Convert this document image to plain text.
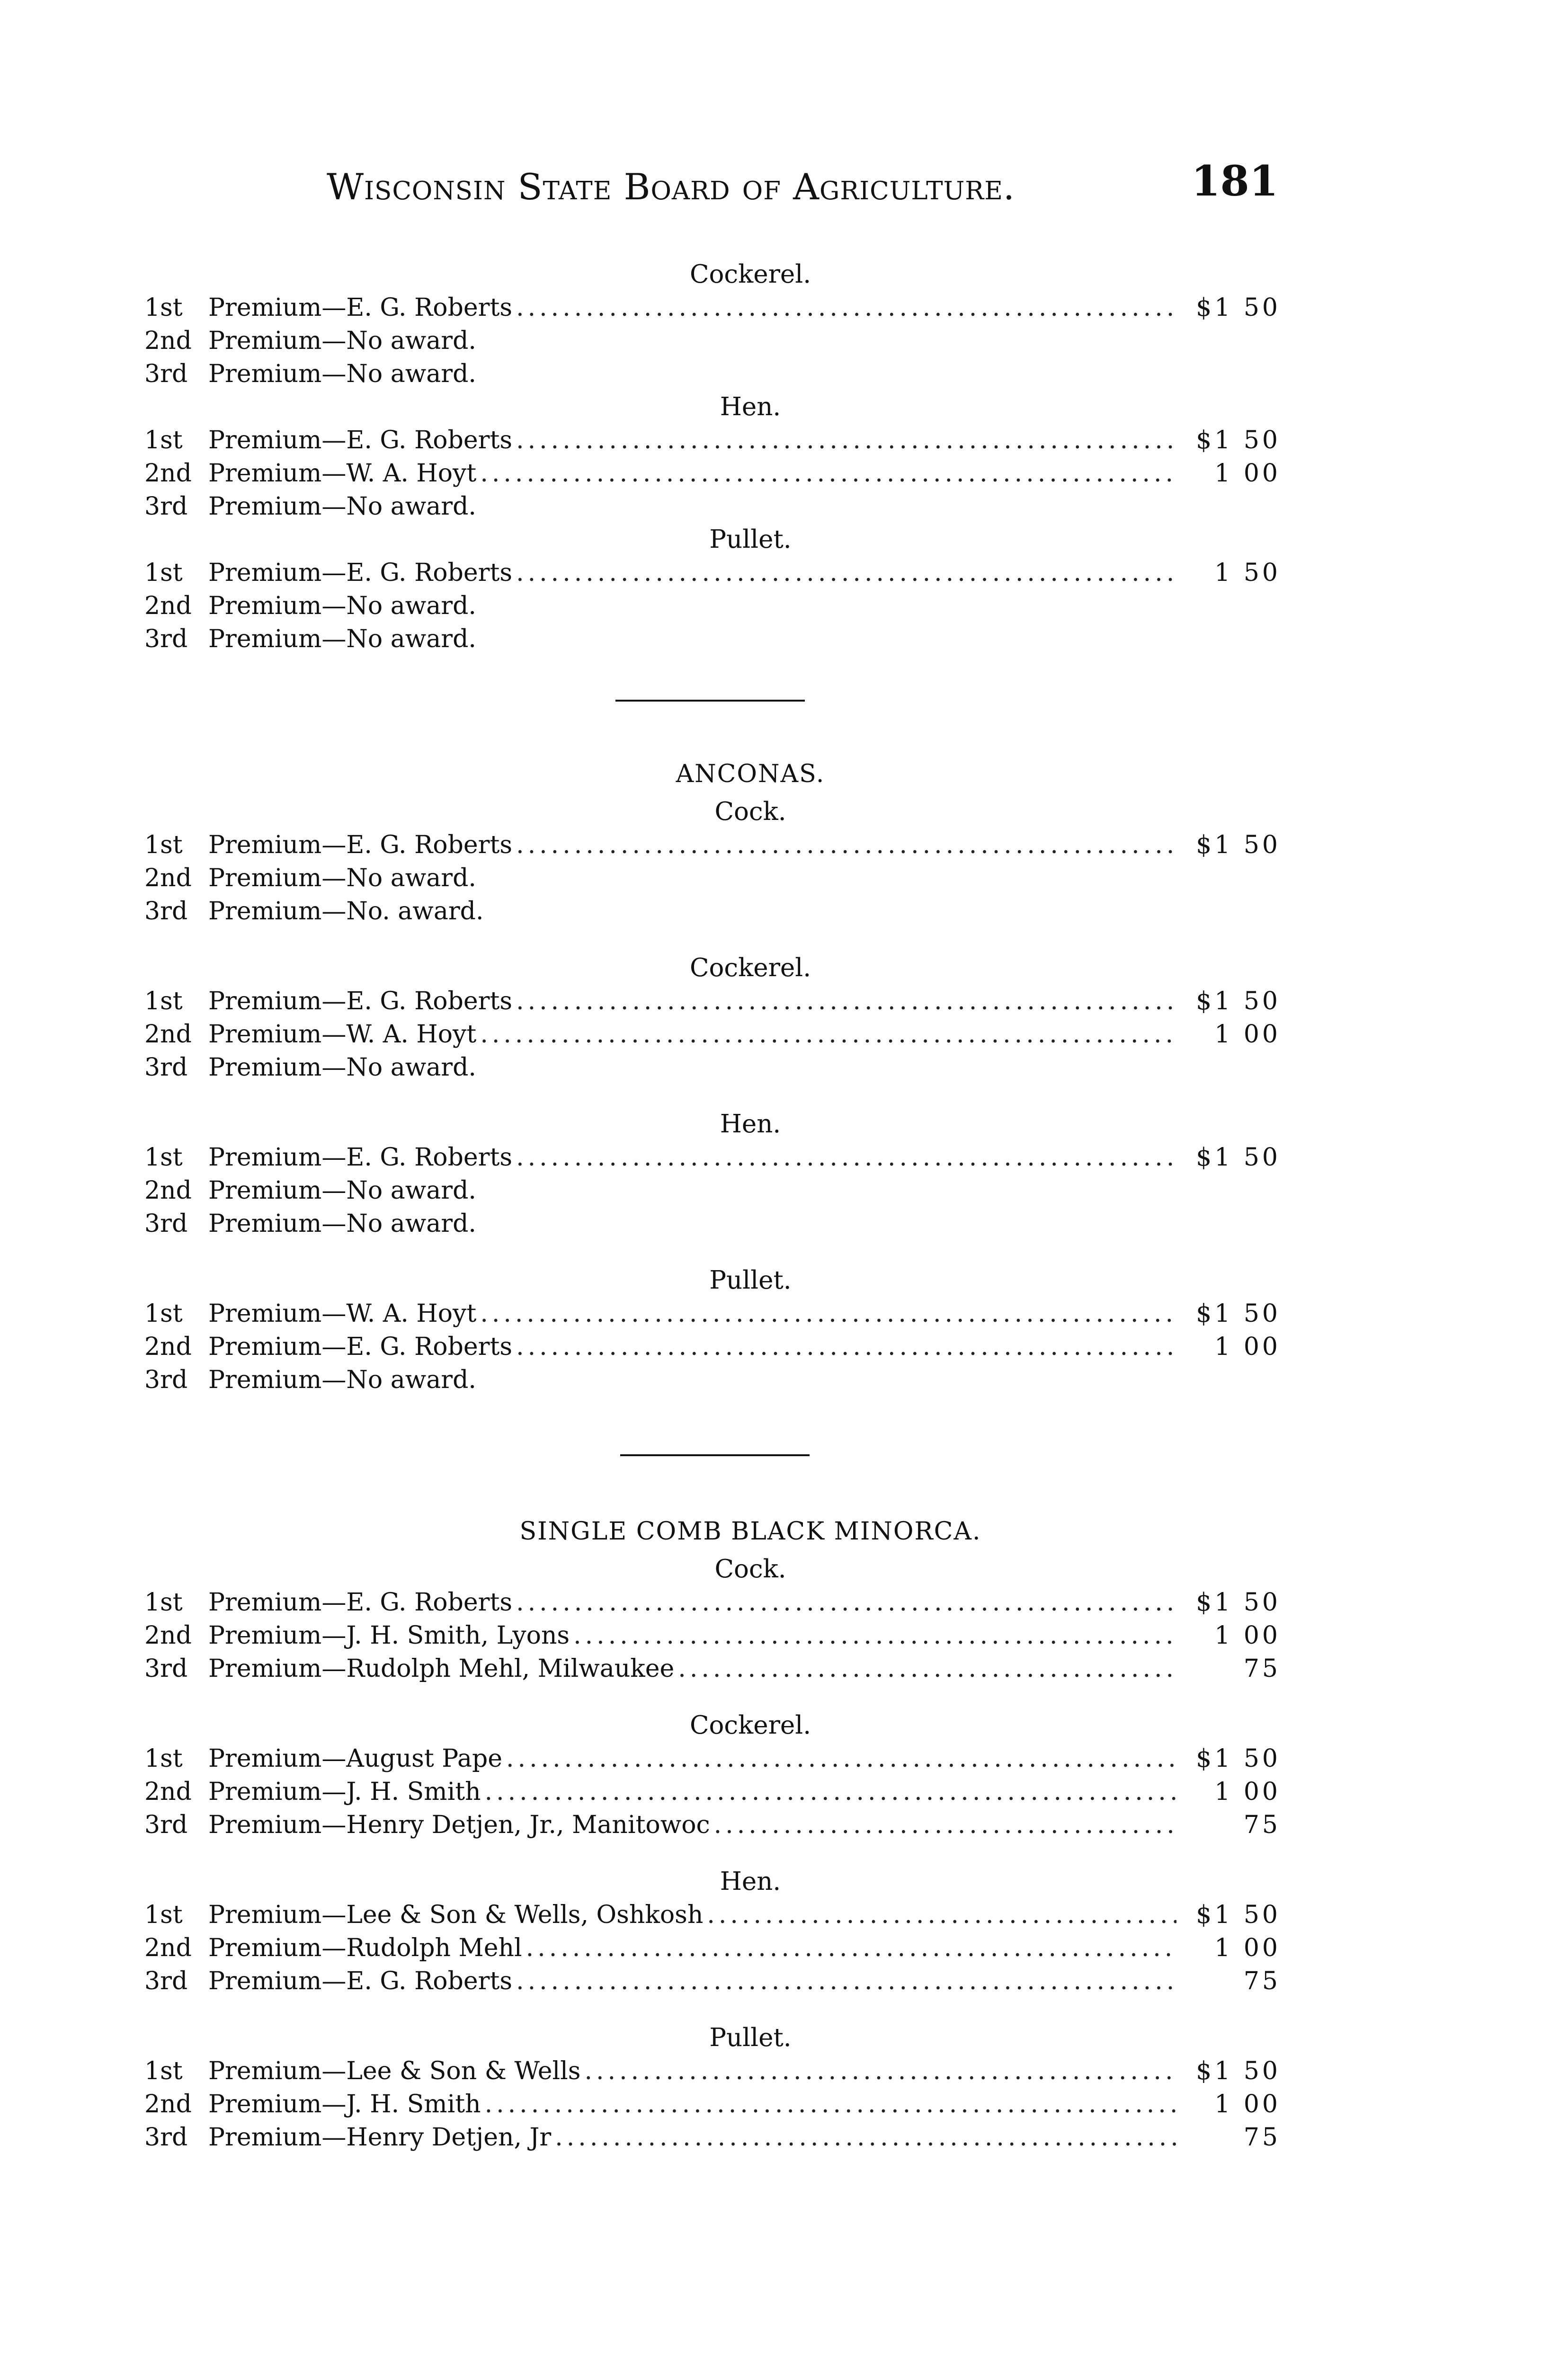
Wisconsin State Board of Agriculture.	181
Cockerel.
1st	Premium—E. G. Roberts .....	$1 50
2nd Premium—No award.
3rd Premium—No award.
Hen.
1st	Premium—E. G. Roberts .....	$1 50
2nd Premium—W. A. Hoyt .....	1 00
3rd Premium—No award.
Pullet.
1st	Premium—E. G. Roberts .....	1 50
2nd Premium—No award.
3rd Premium—No award.
ANCONAS.
Cock.
1st	Premium—E. G. Roberts .....	$1 50
2nd Premium—No award.
3rd Premium—No. award.
Cockerel.
1st	Premium—E. G. Roberts .....	$1 50
2nd Premium—W. A. Hoyt .....	1 00
3rd Premium—No award.
Hen.
1st	Premium—E. G. Roberts .....	$1 50
2nd Premium—No award.
3rd Premium—No award.
Pullet.
1st	Premium—W. A. Hoyt .....	$1 50
2nd Premium—E. G. Roberts .....	1 00
3rd Premium—No award.
SINGLE COMB BLACK MINORCA.
Cock.
1st	Premium—E. G. Roberts .....	$1 50
2nd Premium—J. H. Smith, Lyons .....	1 00
3rd Premium—Rudolph Mehl, Milwaukee .....	75
Cockerel.
1st	Premium—August Pape .....	$1 50
2nd Premium—J. H. Smith .....	1 00
3rd Premium—Henry Detjen, Jr., Manitowoc .....	75
Hen.
1st	Premium—Lee & Son & Wells, Oshkosh .....	$1 50
2nd Premium—Rudolph Mehl .....	1 00
3rd Premium—E. G. Roberts .....	75
Pullet.
1st	Premium—Lee & Son & Wells .....	$1 50
2nd Premium—J. H. Smith .....	1 00
3rd Premium—Henry Detjen, Jr .....	75
